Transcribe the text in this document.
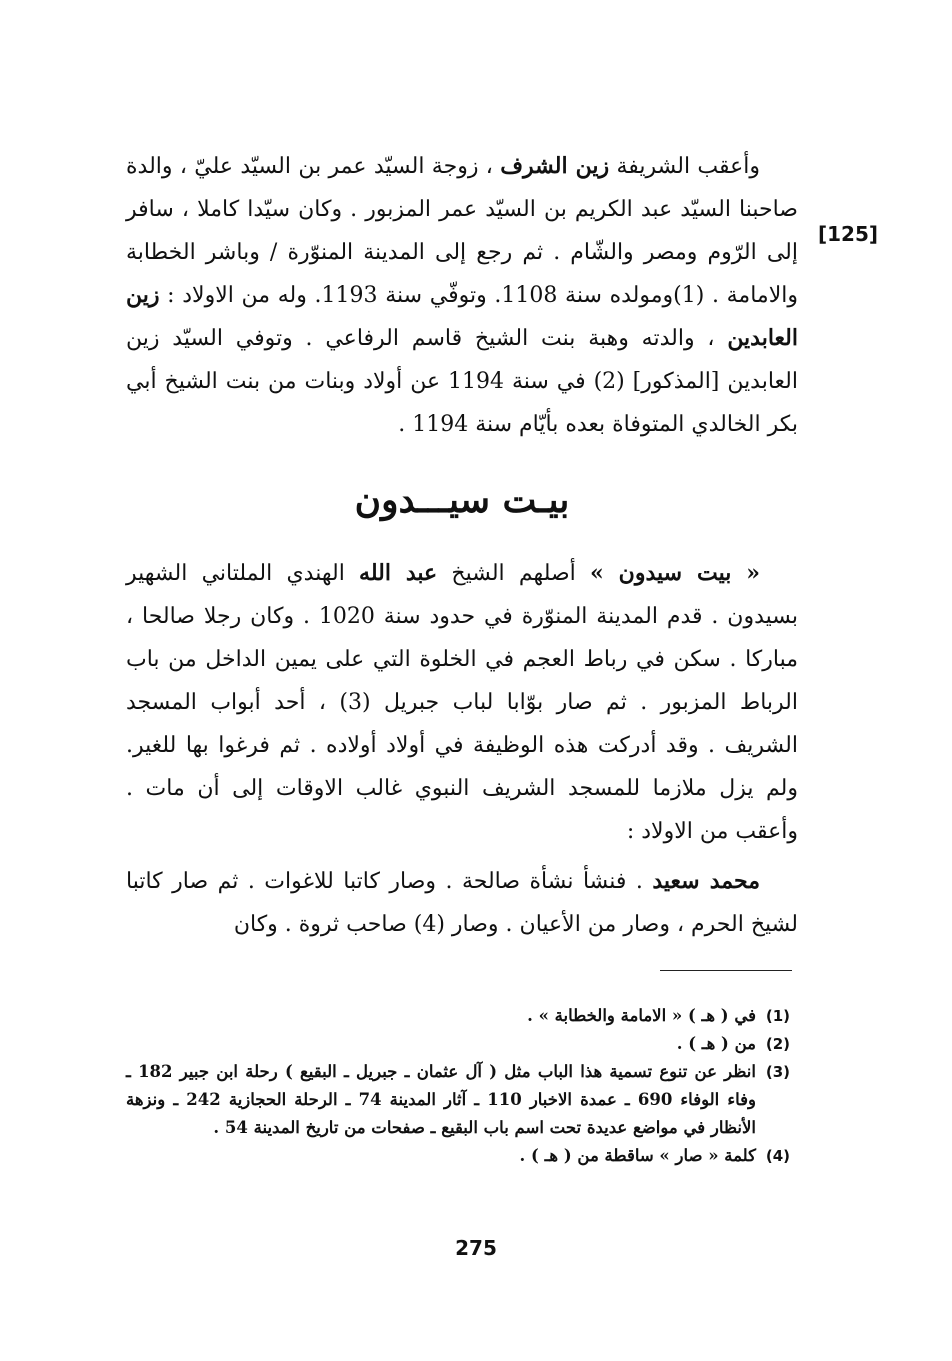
[125]

وأعقب الشريفة زين الشرف ، زوجة السيّد عمر بن السيّد عليّ ، والدة صاحبنا السيّد عبد الكريم بن السيّد عمر المزبور . وكان سيّدا كاملا ، سافر إلى الرّوم ومصر والشّام . ثم رجع إلى المدينة المنوّرة / وباشر الخطابة والامامة . (1)ومولده سنة 1108. وتوفّي سنة 1193. وله من الاولاد : زين العابدين ، والدته وهبة بنت الشيخ قاسم الرفاعي . وتوفي السيّد زين العابدين [المذكور] (2) في سنة 1194 عن أولاد وبنات من بنت الشيخ أبي بكر الخالدي المتوفاة بعده بأيّام سنة 1194 .

بيـت سيـــدون

« بيت سيدون » أصلهم الشيخ عبد الله الهندي الملتاني الشهير بسيدون . قدم المدينة المنوّرة في حدود سنة 1020 . وكان رجلا صالحا ، مباركا . سكن في رباط العجم في الخلوة التي على يمين الداخل من باب الرباط المزبور . ثم صار بوّابا لباب جبريل (3) ، أحد أبواب المسجد الشريف . وقد أدركت هذه الوظيفة في أولاد أولاده . ثم فرغوا بها للغير. ولم يزل ملازما للمسجد الشريف النبوي غالب الاوقات إلى أن مات . وأعقب من الاولاد :

محمد سعيد . فنشأ نشأة صالحة . وصار كاتبا للاغوات . ثم صار كاتبا لشيخ الحرم ، وصار من الأعيان . وصار (4) صاحب ثروة . وكان

(1)
في ( هـ ) « الامامة والخطابة » .
(2)
من ( هـ ) .
(3)
انظر عن تنوع تسمية هذا الباب مثل ( آل عثمان ـ جبريل ـ البقيع ) رحلة ابن جبير 182 ـ وفاء الوفاء 690 ـ عمدة الاخبار 110 ـ آثار المدينة 74 ـ الرحلة الحجازية 242 ـ ونزهة الأنظار في مواضع عديدة تحت اسم باب البقيع ـ صفحات من تاريخ المدينة 54 .
(4)
كلمة « صار » ساقطة من ( هـ ) .
275
